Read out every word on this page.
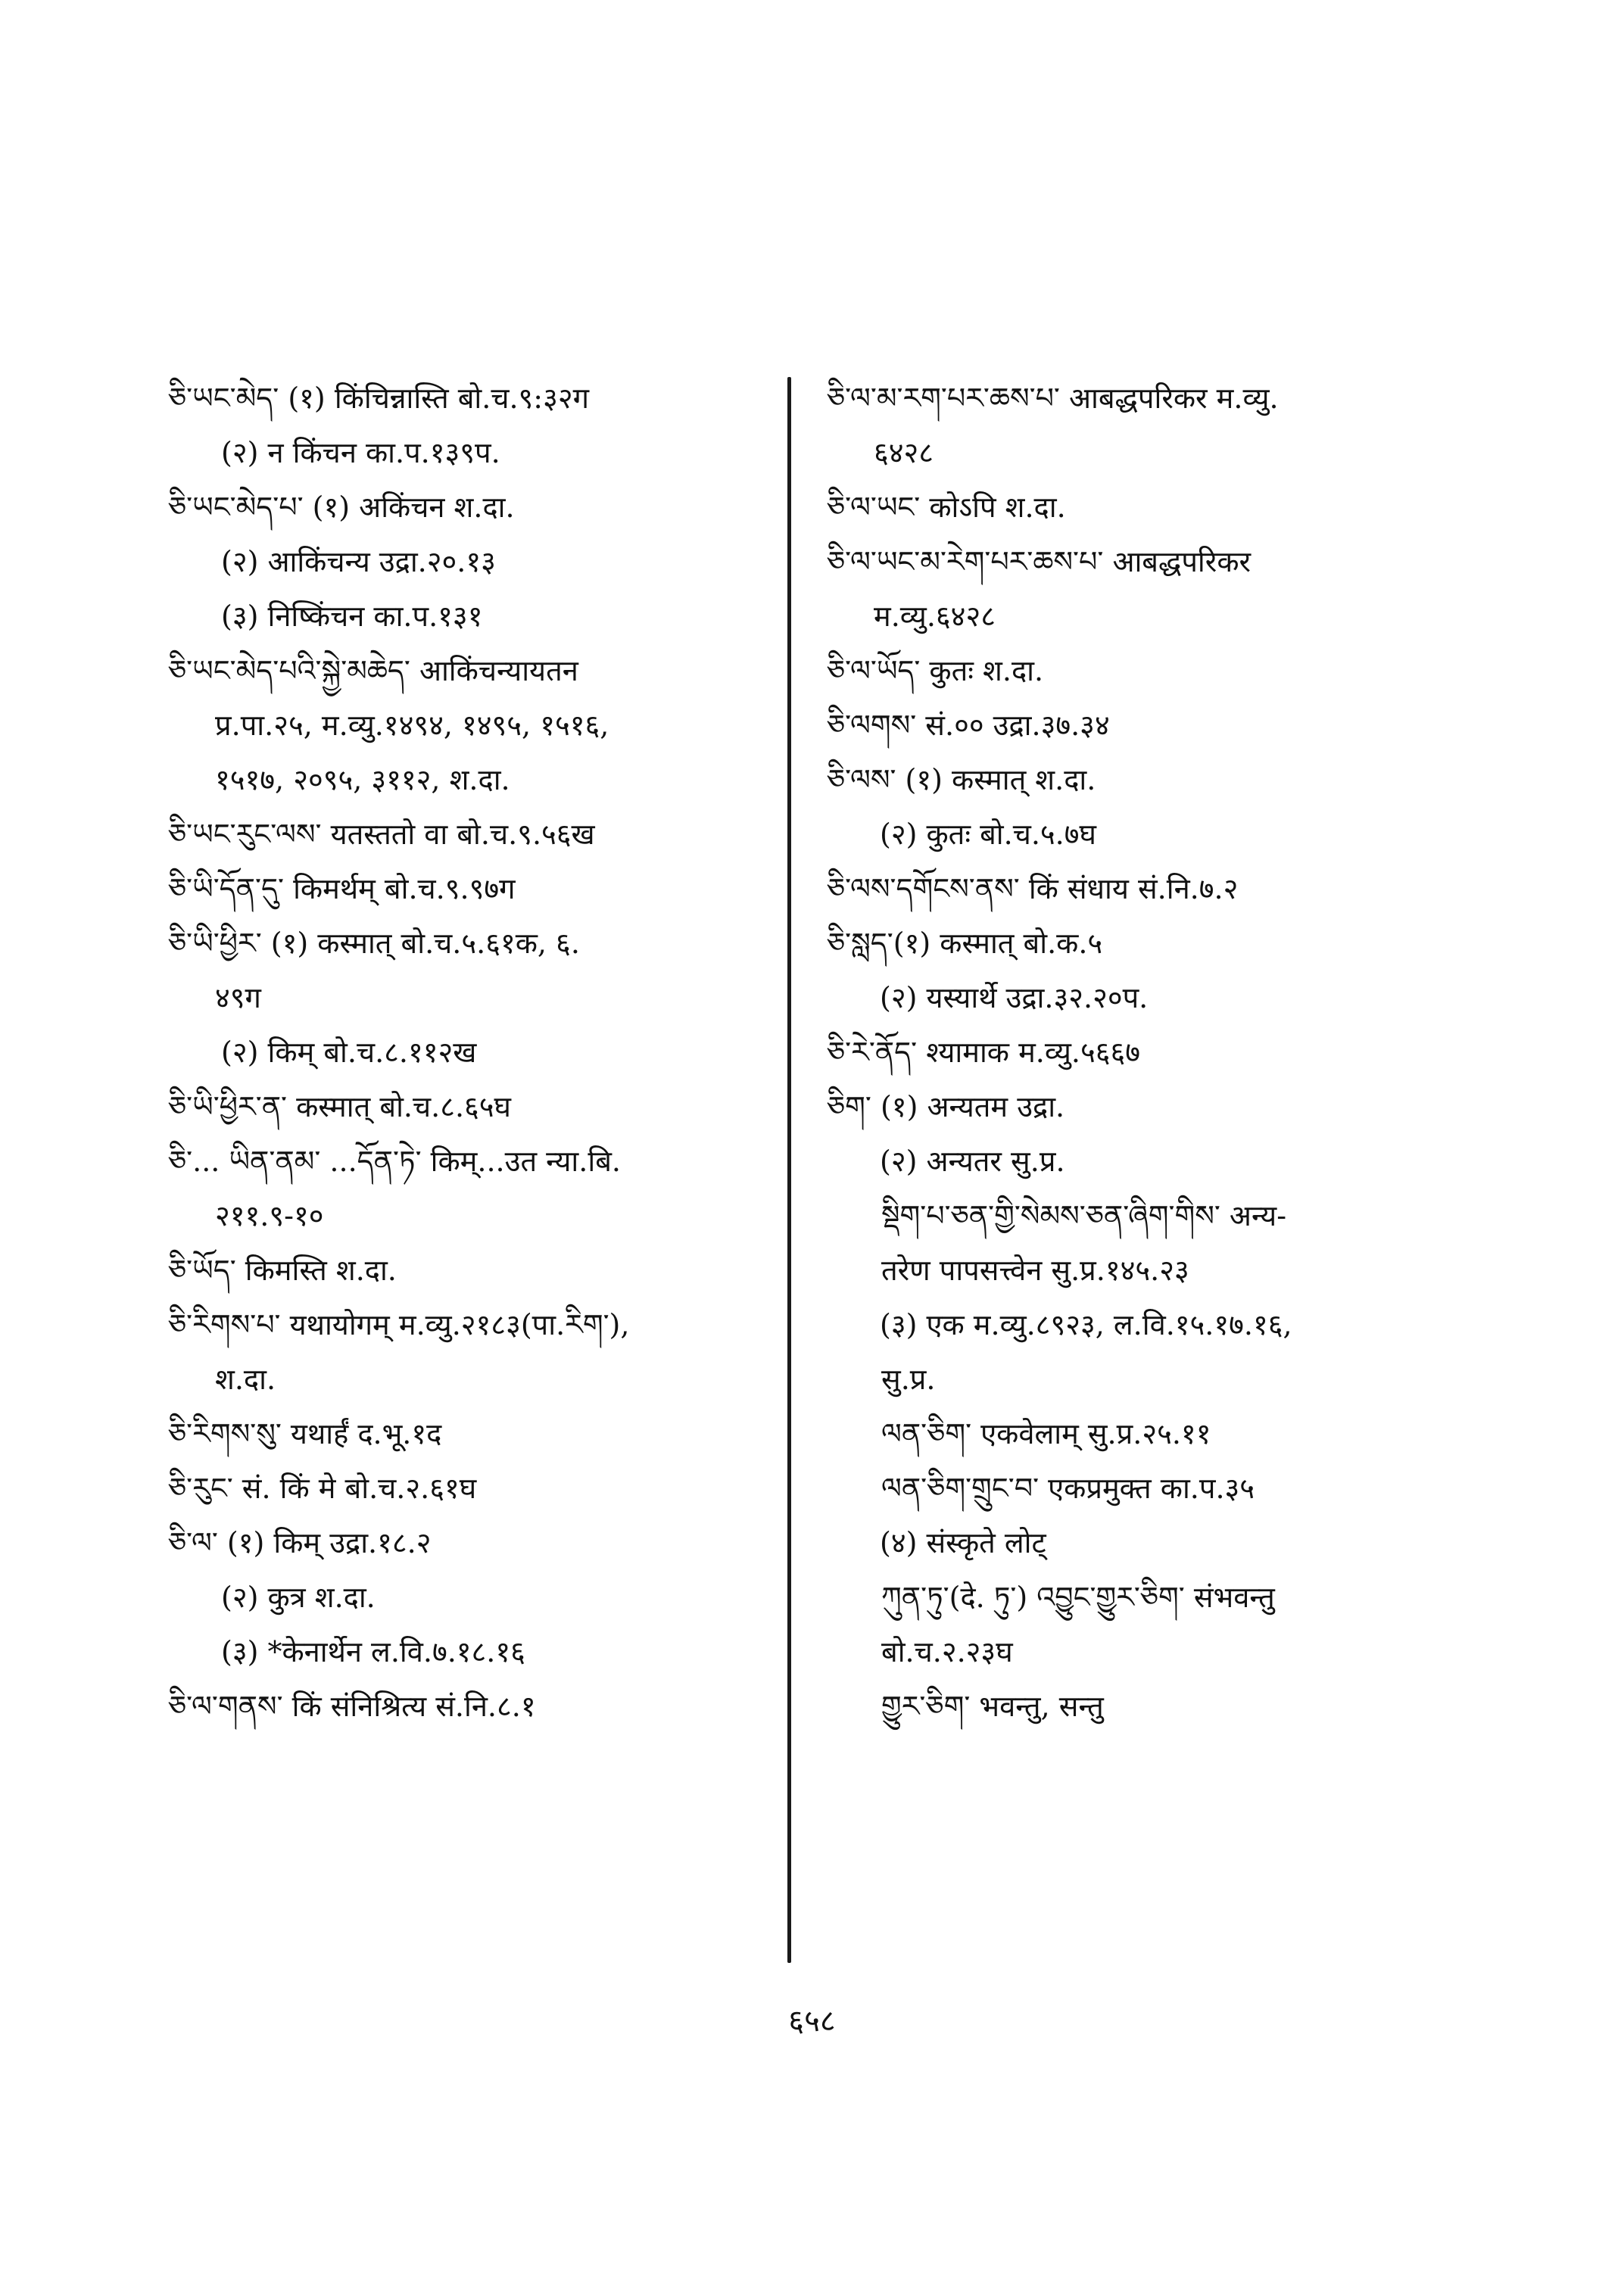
ཅི་ཡང་མེད་ (१) किंचिन्नास्ति बो.च.९:३२ग
(२) न किंचन का.प.१३९प.
ཅི་ཡང་མེད་པ་ (१) अकिंचन श.दा.
(२) आकिंचन्य उद्रा.२०.१३
(३) निष्किंचन का.प.१३१
ཅི་ཡང་མེད་པའི་སྐྱེ་མཆེད་ आकिंचन्यायतन
प्र.पा.२५, म.व्यु.१४९४, १४९५, १५१६,
१५१७, २०९५, ३११२, श.दा.
ཅི་ཡང་རུང་ལས་ यतस्ततो वा बो.च.९.५६ख
ཅི་ཡི་དོན་དུ་ किमर्थम् बो.च.९.९७ग
ཅི་ཡི་ཕྱིར་ (१) कस्मात् बो.च.५.६१क, ६.
४९ग
(२) किम् बो.च.८.११२ख
ཅི་ཡི་ཕྱིར་ན་ कस्मात् बो.च.८.६५घ
ཅི་... ཡིན་ནམ་ ...དོན་ཏེ་ किम्...उत न्या.बि.
२११.९-१०
ཅི་ཡོད་ किमस्ति श.दा.
ཅི་རིགས་པ་ यथायोगम् म.व्यु.२१८३(पा.རིག་),
श.दा.
ཅི་རིགས་སུ་ यथार्हं द.भू.१द
ཅི་རུང་ सं. किं मे बो.च.२.६१घ
ཅི་ལ་ (१) किम् उद्रा.१८.२
(२) कुत्र श.दा.
(३) *केनार्थेन ल.वि.७.१८.१६
ཅི་ལ་གནས་ किं संनिश्रित्य सं.नि.८.१
ཅི་ལ་མ་རག་པར་ཆས་པ་ आबद्धपरिकर म.व्यु.
६४२८
ཅི་ལ་ཡང་ कोऽपि श.दा.
ཅི་ལ་ཡང་མ་རེག་པར་ཆས་པ་ आबद्धपरिकर
म.व्यु.६४२८
ཅི་ལ་ཡོད་ कुतः श.दा.
ཅི་ལགས་ सं.०० उद्रा.३७.३४
ཅི་ལས་ (१) कस्मात् श.दा.
(२) कुतः बो.च.५.७घ
ཅི་ལས་དགོངས་ནས་ किं संधाय सं.नि.७.२
ཅི་སླད་(१) कस्मात् बो.क.५
(२) यस्यार्थे उद्रा.३२.२०प.
ཅི་རེ་ནོད་ श्यामाक म.व्यु.५६६७
ཅིག་ (१) अन्यतम उद्रा.
(२) अन्यतर सु.प्र.
སྡིག་པ་ཅན་གྱི་སེམས་ཅན་ཞིག་གིས་ अन्य-
तरेण पापसत्त्वेन सु.प्र.१४५.२३
(३) एक म.व्यु.८९२३, ल.वि.१५.१७.१६,
सु.प्र.
ལན་ཅིག་ एकवेलाम् सु.प्र.२५.११
ལན་ཅིག་གྲུང་བ་ एकप्रमुक्त का.प.३५
(४) संस्कृते लोट्
ཀུན་ཏུ་(दे. ཏུ་) འབྱུང་གྱུར་ཅིག་ संभवन्तु
बो.च.२.२३घ
གྱུར་ཅིག་ भवन्तु, सन्तु
६५८
